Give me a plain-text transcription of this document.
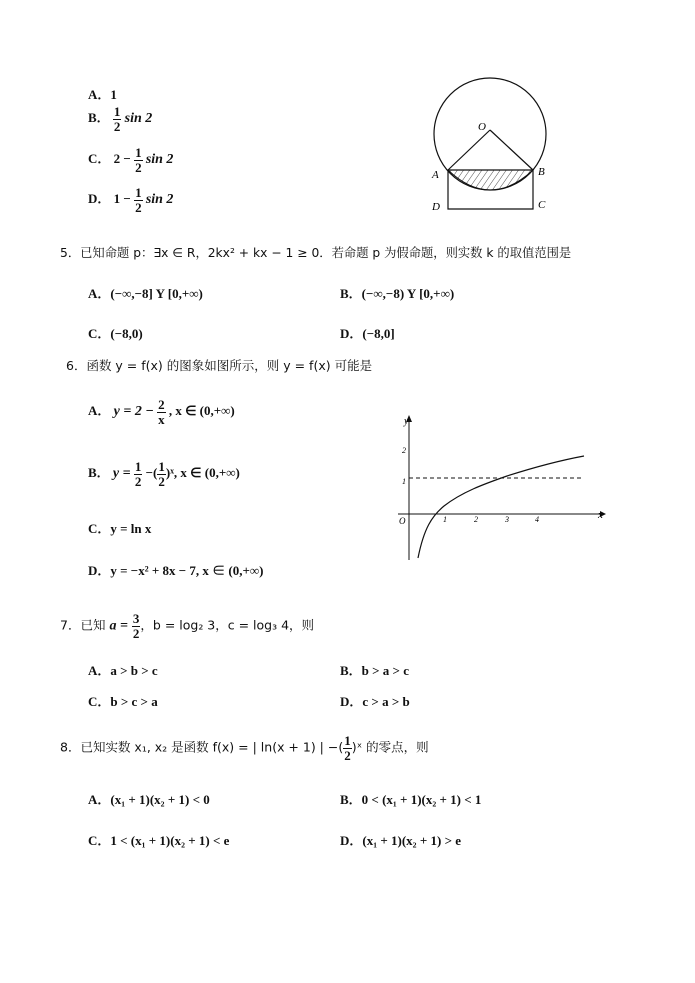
A．1
B． $\frac{1}{2}$ sin 2
C． $2 - \frac{1}{2}$ sin 2
D． $1 - \frac{1}{2}$ sin 2
O
A	B
D	C
5．已知命题 p：∃x ∈ R，2kx² + kx − 1 ≥ 0．若命题 p 为假命题，则实数 k 的取值范围是
A．(−∞,−8] Y [0,+∞)	B．(−∞,−8) Y [0,+∞)
C．(−8,0)	D．(−8,0]
6．函数 y = f(x) 的图象如图所示，则 y = f(x) 可能是
A． $y = 2 - \frac{2}{x}$ , x ∈ (0,+∞)
B． $y = \frac{1}{2}$ −( $\frac{1}{2}$ )ˣ, x ∈ (0,+∞)
C．y = ln x
D．y = −x² + 8x − 7, x ∈ (0,+∞)
y
x
O
2
1
1	2	3	4
7．已知 $a = \frac{3}{2}$ ，b = log₂ 3，c = log₃ 4，则
A．a > b > c	B．b > a > c
C．b > c > a	D．c > a > b
8．已知实数 x₁, x₂ 是函数 f(x) = | ln(x + 1) | −( $\frac{1}{2}$ )ˣ 的零点，则
A．(x₁ + 1)(x₂ + 1) < 0	B．0 < (x₁ + 1)(x₂ + 1) < 1
C．1 < (x₁ + 1)(x₂ + 1) < e	D．(x₁ + 1)(x₂ + 1) > e
